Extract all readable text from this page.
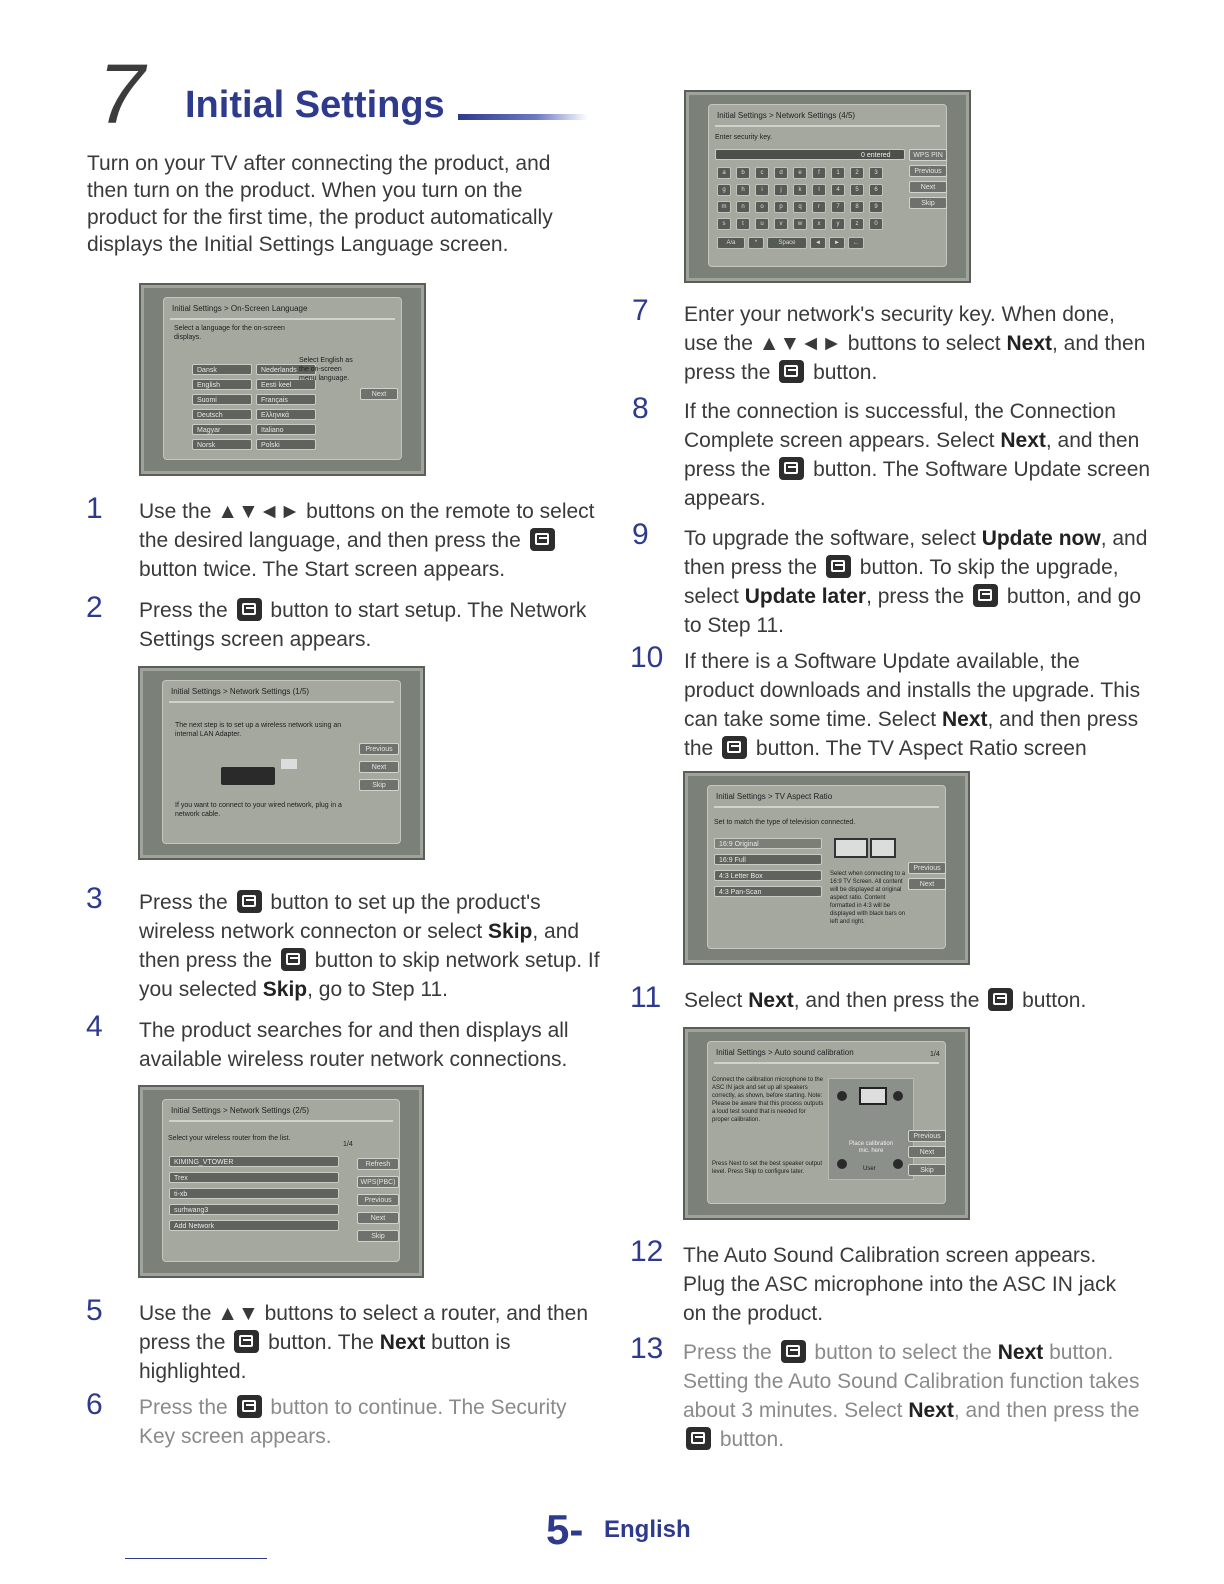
7 Initial Settings
Turn on your TV after connecting the product, and then turn on the product. When you turn on the product for the first time, the product automatically displays the Initial Settings Language screen.
Initial Settings > On-Screen Language
Select a language for the on-screen displays.
Dansk
English
Suomi
Deutsch
Magyar
Norsk
Nederlands
Eesti keel
Français
Ελληνικά
Italiano
Polski
Select English as the on-screen menu language.
Next
1 Use the ▲▼◄► buttons on the remote to select the desired language, and then press the  button twice. The Start screen appears.
2 Press the button to start setup. The Network Settings screen appears.
Initial Settings > Network Settings (1/5)
The next step is to set up a wireless network using an internal LAN Adapter.
If you want to connect to your wired network, plug in a network cable.
Previous
Next
Skip
3 Press the button to set up the product's wireless network connecton or select Skip, and then press the button to skip network setup. If you selected Skip, go to Step 11.
4 The product searches for and then displays all available wireless router network connections.
Initial Settings > Network Settings (2/5)
Select your wireless router from the list.
1/4
KIMING_VTOWER
Trex
ti-xb
surhwang3
Add Network
Refresh
WPS(PBC)
Previous
Next
Skip
5 Use the ▲▼ buttons to select a router, and then press the button. The Next button is highlighted.
6 Press the button to continue. The Security Key screen appears.
Initial Settings > Network Settings (4/5)
Enter security key.
0 entered
a	b	c	d	e	f	1	2	3
g	h	i	j	k	l	4	5	6
m	n	o	p	q	r	7	8	9
s	t	u	v	w	x	y	z	0
A/a	*	Space	◄	►	←
WPS PIN
Previous
Next
Skip
7 Enter your network's security key. When done, use the ▲▼◄► buttons to select Next, and then press the button.
8 If the connection is successful, the Connection Complete screen appears. Select Next, and then press the button. The Software Update screen appears.
9 To upgrade the software, select Update now, and then press the button. To skip the upgrade, select Update later, press the button, and go to Step 11.
10 If there is a Software Update available, the product downloads and installs the upgrade. This can take some time. Select Next, and then press the button. The TV Aspect Ratio screen
Initial Settings > TV Aspect Ratio
Set to match the type of television connected.
16:9 Original
16:9 Full
4:3 Letter Box
4:3 Pan-Scan
Select when connecting to a 16:9 TV Screen. All content will be displayed at original aspect ratio. Content formatted in 4:3 will be displayed with black bars on left and right.
Previous
Next
11 Select Next, and then press the button.
Initial Settings > Auto sound calibration	1/4
Connect the calibration microphone to the ASC IN jack and set up all speakers correctly, as shown, before starting. Note: Please be aware that this process outputs a loud test sound that is needed for proper calibration.
Press Next to set the best speaker output level. Press Skip to configure later.
Place calibration mic. here
User
Previous
Next
Skip
12 The Auto Sound Calibration screen appears. Plug the ASC microphone into the ASC IN jack on the product.
13 Press the button to select the Next button. Setting the Auto Sound Calibration function takes about 3 minutes. Select Next, and then press the  button.
5- English
